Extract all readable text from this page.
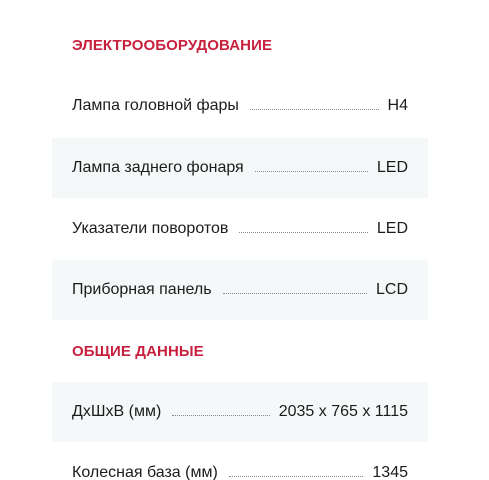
ЭЛЕКТРООБОРУДОВАНИЕ
Лампа головной фары	H4
Лампа заднего фонаря	LED
Указатели поворотов	LED
Приборная панель	LCD
ОБЩИЕ ДАННЫЕ
ДхШхВ (мм)	2035 х 765 х 1115
Колесная база (мм)	1345
